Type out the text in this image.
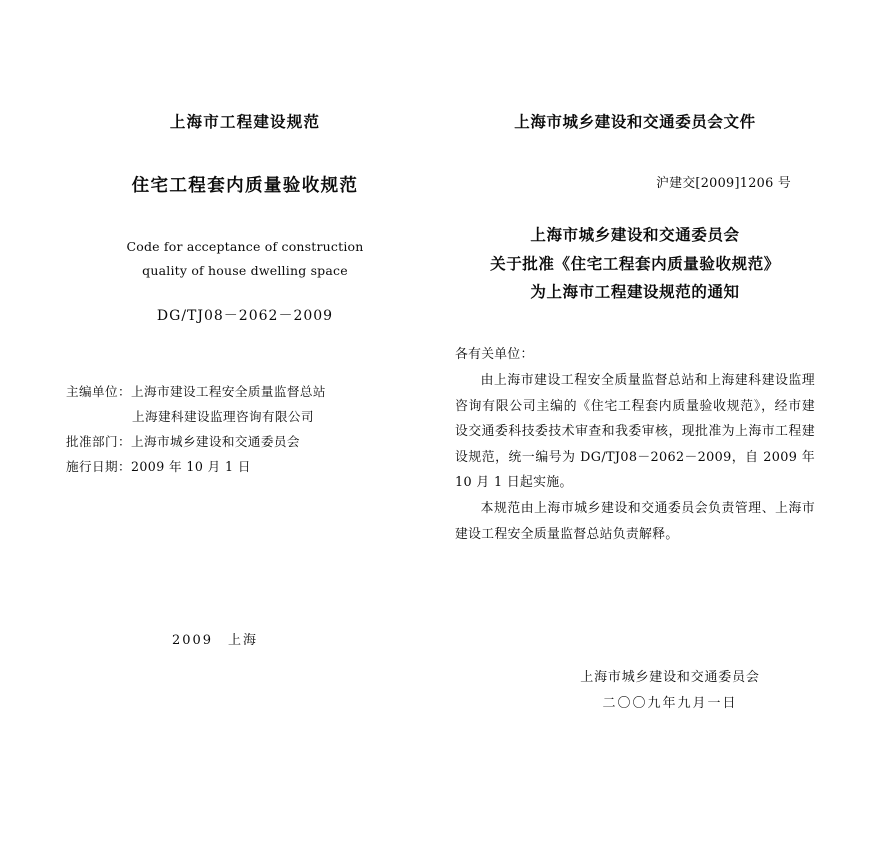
上海市工程建设规范
住宅工程套内质量验收规范
Code for acceptance of construction
quality of house dwelling space
DG/TJ08－2062－2009
主编单位：上海市建设工程安全质量监督总站
上海建科建设监理咨询有限公司
批准部门：上海市城乡建设和交通委员会
施行日期：2009 年 10 月 1 日
2009　上海
上海市城乡建设和交通委员会文件
沪建交[2009]1206 号
上海市城乡建设和交通委员会
关于批准《住宅工程套内质量验收规范》
为上海市工程建设规范的通知
各有关单位：
由上海市建设工程安全质量监督总站和上海建科建设监理咨询有限公司主编的《住宅工程套内质量验收规范》，经市建设交通委科技委技术审查和我委审核，现批准为上海市工程建设规范，统一编号为 DG/TJ08－2062－2009，自 2009 年 10 月 1 日起实施。
本规范由上海市城乡建设和交通委员会负责管理、上海市建设工程安全质量监督总站负责解释。
上海市城乡建设和交通委员会
二〇〇九年九月一日
